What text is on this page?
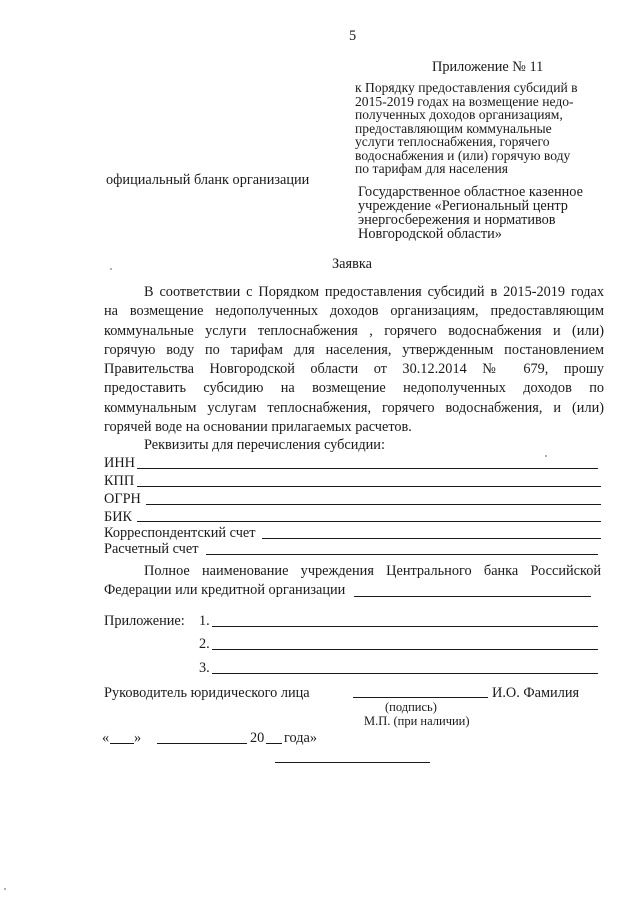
5
Приложение № 11
к Порядку предоставления субсидий в
2015-2019 годах на возмещение недо-
полученных доходов организациям,
предоставляющим коммунальные
услуги теплоснабжения, горячего
водоснабжения и (или) горячую воду
по тарифам для населения
официальный бланк организации
Государственное областное казенное
учреждение «Региональный центр
энергосбережения и нормативов
Новгородской области»
Заявка
В соответствии с Порядком предоставления субсидий в 2015-2019 годах
на возмещение недополученных доходов организациям, предоставляющим
коммунальные услуги теплоснабжения , горячего водоснабжения и (или)
горячую воду по тарифам для населения, утвержденным постановлением
Правительства Новгородской области от 30.12.2014 № 679, прошу
предоставить субсидию на возмещение недополученных доходов по
коммунальным услугам теплоснабжения, горячего водоснабжения, и (или)
горячей воде на основании прилагаемых расчетов.
Реквизиты для перечисления субсидии:
ИНН
КПП
ОГРН
БИК
Корреспондентский счет
Расчетный счет
Полное наименование учреждения Центрального банка Российской
Федерации или кредитной организации
Приложение: 1.
2.
3.
Руководитель юридического лица	И.О. Фамилия
(подпись)
М.П. (при наличии)
« »	20 года»
